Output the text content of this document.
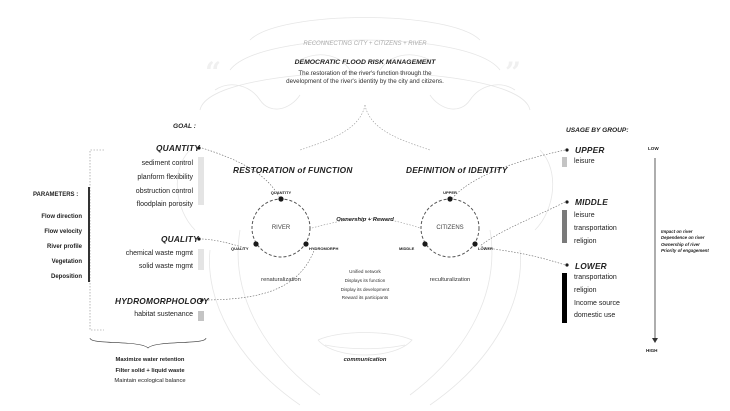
“	”
RECONNECTING CITY + CITIZENS + RIVER
DEMOCRATIC FLOOD RISK MANAGEMENT
The restoration of the river's function through the
development of the river's identity by the city and citizens.
GOAL :
USAGE BY GROUP:
QUANTITY
sediment control
planform flexibility
obstruction control
floodplain porosity
PARAMETERS :
Flow direction
Flow velocity
River profile
Vegetation
Deposition
QUALITY
chemical waste mgmt
solid waste mgmt
HYDROMORPHOLOGY
habitat sustenance
Maximize water retention
Filter solid + liquid waste
Maintain ecological balance
RESTORATION of FUNCTION
QUANTITY
RIVER
QUALITY	HYDROMORPH
renaturalization
DEFINITION of IDENTITY
UPPER
CITIZENS
MIDDLE	LOWER
reculturalization
Ownership + Reward
Unified network
Displays its function
Display its development
Reward its participants
communication
UPPER
leisure
MIDDLE
leisure
transportation
religion
LOWER
transportation
religion
Income source
domestic use
LOW
HIGH
Impact on river
Dependence on river
Ownership of river
Priority of engagement
